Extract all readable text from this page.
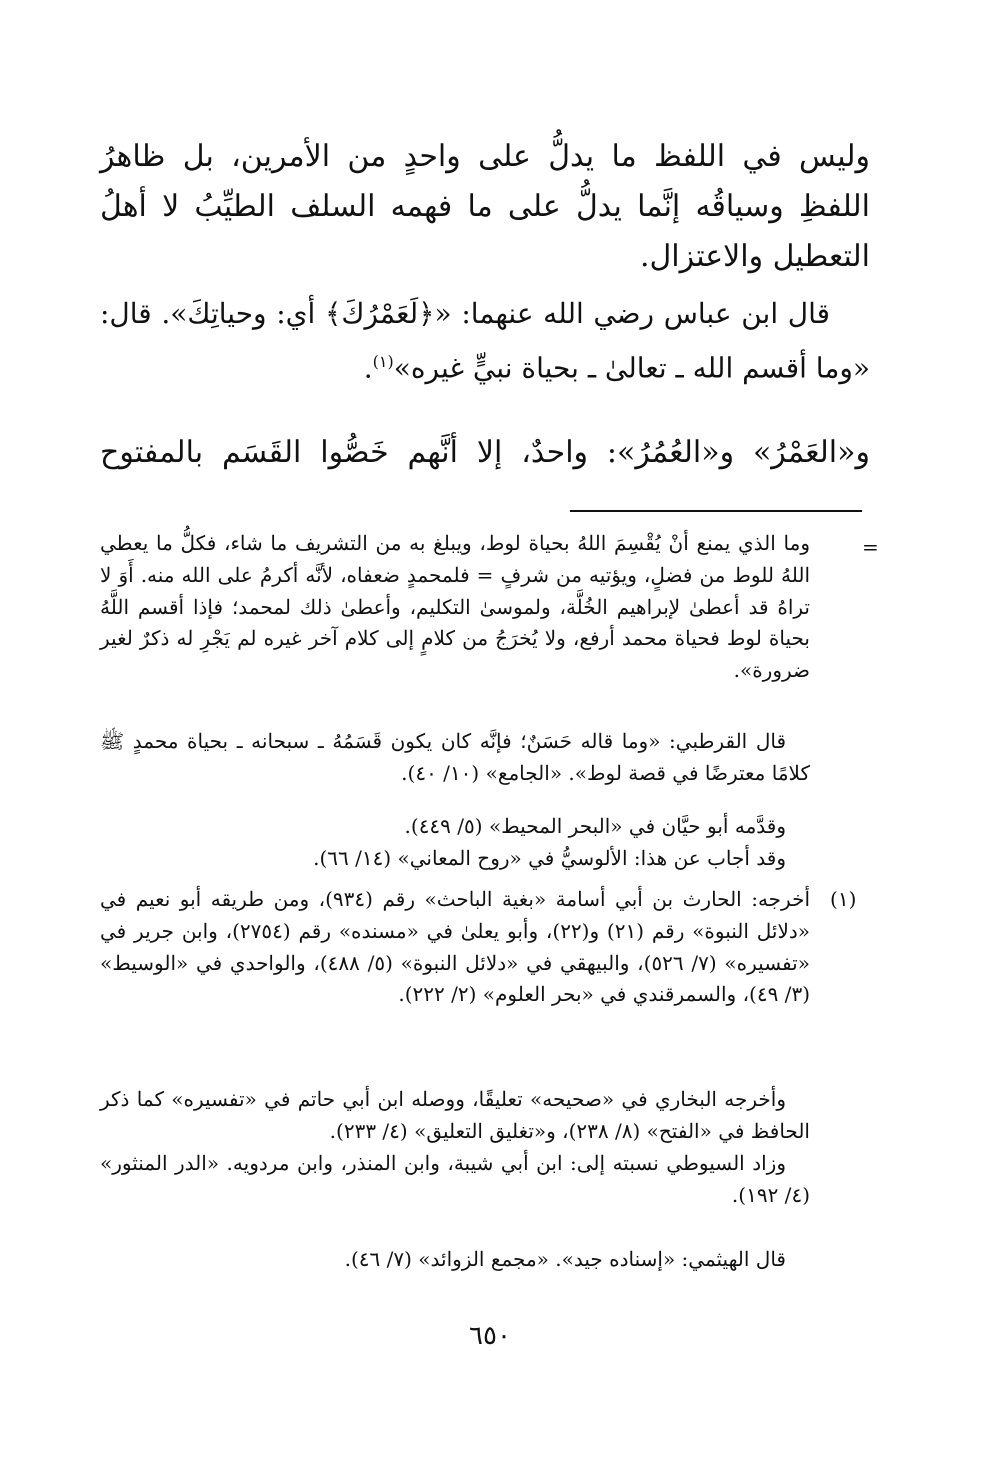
وليس في اللفظ ما يدلُّ على واحدٍ من الأمرين، بل ظاهرُ اللفظِ وسياقُه إنَّما يدلُّ على ما فهمه السلف الطيِّبُ لا أهلُ التعطيل والاعتزال.

قال ابن عباس رضي الله عنهما: «﴿لَعَمْرُكَ﴾ أي: وحياتِكَ». قال: «وما أقسم الله ـ تعالىٰ ـ بحياة نبيٍّ غيره»$^{(١)}$.

و«العَمْرُ» و«العُمُرُ»: واحدٌ، إلا أنَّهم خَصُّوا القَسَم بالمفتوح

=

وما الذي يمنع أنْ يُقْسِمَ اللهُ بحياة لوط، ويبلغ به من التشريف ما شاء، فكلُّ ما يعطي اللهُ للوط من فضلٍ، ويؤتيه من شرفٍ = فلمحمدٍ ضعفاه، لأنَّه أكرمُ على الله منه. أَوَ لا تراهُ قد أعطىٰ لإبراهيم الخُلَّة، ولموسىٰ التكليم، وأعطىٰ ذلك لمحمد؛ فإذا أقسم اللَّهُ بحياة لوط فحياة محمد أرفع، ولا يُخرَجُ من كلامٍ إلى كلام آخر غيره لم يَجْرِ له ذكرٌ لغير ضرورة».

قال القرطبي: «وما قاله حَسَنٌ؛ فإنَّه كان يكون قَسَمُهُ ـ سبحانه ـ بحياة محمدٍ ﷺ كلامًا معترضًا في قصة لوط». «الجامع» (١٠/ ٤٠).

وقدَّمه أبو حيَّان في «البحر المحيط» (٥/ ٤٤٩).

وقد أجاب عن هذا: الألوسيُّ في «روح المعاني» (١٤/ ٦٦).

(١)

أخرجه: الحارث بن أبي أسامة «بغية الباحث» رقم (٩٣٤)، ومن طريقه أبو نعيم في «دلائل النبوة» رقم (٢١) و(٢٢)، وأبو يعلىٰ في «مسنده» رقم (٢٧٥٤)، وابن جرير في «تفسيره» (٧/ ٥٢٦)، والبيهقي في «دلائل النبوة» (٥/ ٤٨٨)، والواحدي في «الوسيط» (٣/ ٤٩)، والسمرقندي في «بحر العلوم» (٢/ ٢٢٢).

وأخرجه البخاري في «صحيحه» تعليقًا، ووصله ابن أبي حاتم في «تفسيره» كما ذكر الحافظ في «الفتح» (٨/ ٢٣٨)، و«تغليق التعليق» (٤/ ٢٣٣).

وزاد السيوطي نسبته إلى: ابن أبي شيبة، وابن المنذر، وابن مردويه. «الدر المنثور» (٤/ ١٩٢).

قال الهيثمي: «إسناده جيد». «مجمع الزوائد» (٧/ ٤٦).

٦٥٠
